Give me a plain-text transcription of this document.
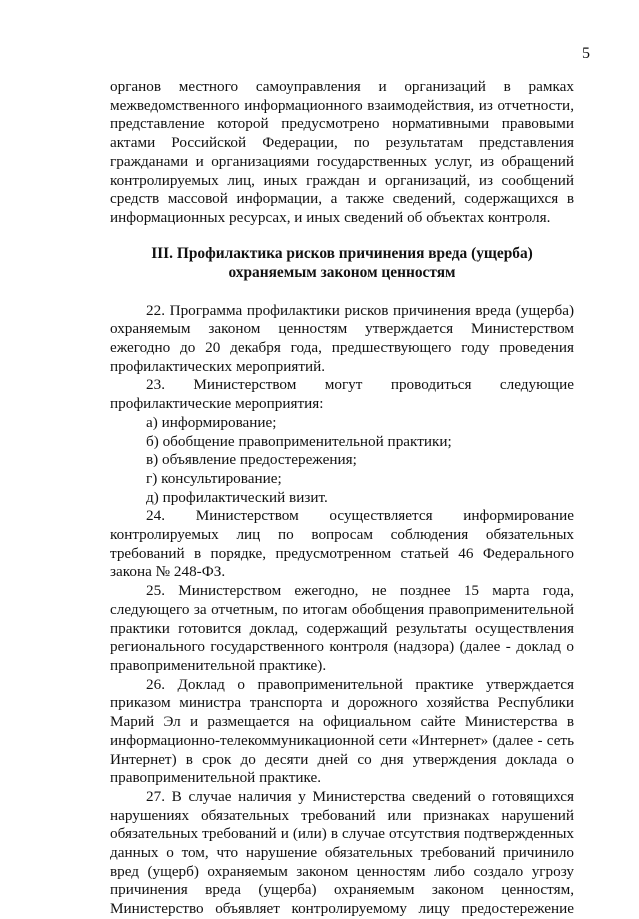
5

органов местного самоуправления и организаций в рамках межведомственного информационного взаимодействия, из отчетности, представление которой предусмотрено нормативными правовыми актами Российской Федерации, по результатам представления гражданами и организациями государственных услуг, из обращений контролируемых лиц, иных граждан и организаций, из сообщений средств массовой информации, а также сведений, содержащихся в информационных ресурсах, и иных сведений об объектах контроля.

III. Профилактика рисков причинения вреда (ущерба)
охраняемым законом ценностям

22. Программа профилактики рисков причинения вреда (ущерба) охраняемым законом ценностям утверждается Министерством ежегодно до 20 декабря года, предшествующего году проведения профилактических мероприятий.

23. Министерством могут проводиться следующие профилактические мероприятия:

а) информирование;

б) обобщение правоприменительной практики;

в) объявление предостережения;

г) консультирование;

д) профилактический визит.

24. Министерством осуществляется информирование контролируемых лиц по вопросам соблюдения обязательных требований в порядке, предусмотренном статьей 46 Федерального закона № 248-ФЗ.

25. Министерством ежегодно, не позднее 15 марта года, следующего за отчетным, по итогам обобщения правоприменительной практики готовится доклад, содержащий результаты осуществления регионального государственного контроля (надзора) (далее - доклад о правоприменительной практике).

26. Доклад о правоприменительной практике утверждается приказом министра транспорта и дорожного хозяйства Республики Марий Эл и размещается на официальном сайте Министерства в информационно-телекоммуникационной сети «Интернет» (далее - сеть Интернет) в срок до десяти дней со дня утверждения доклада о правоприменительной практике.

27. В случае наличия у Министерства сведений о готовящихся нарушениях обязательных требований или признаках нарушений обязательных требований и (или) в случае отсутствия подтвержденных данных о том, что нарушение обязательных требований причинило вред (ущерб) охраняемым законом ценностям либо создало угрозу причинения вреда (ущерба) охраняемым законом ценностям, Министерство объявляет контролируемому лицу предостережение
